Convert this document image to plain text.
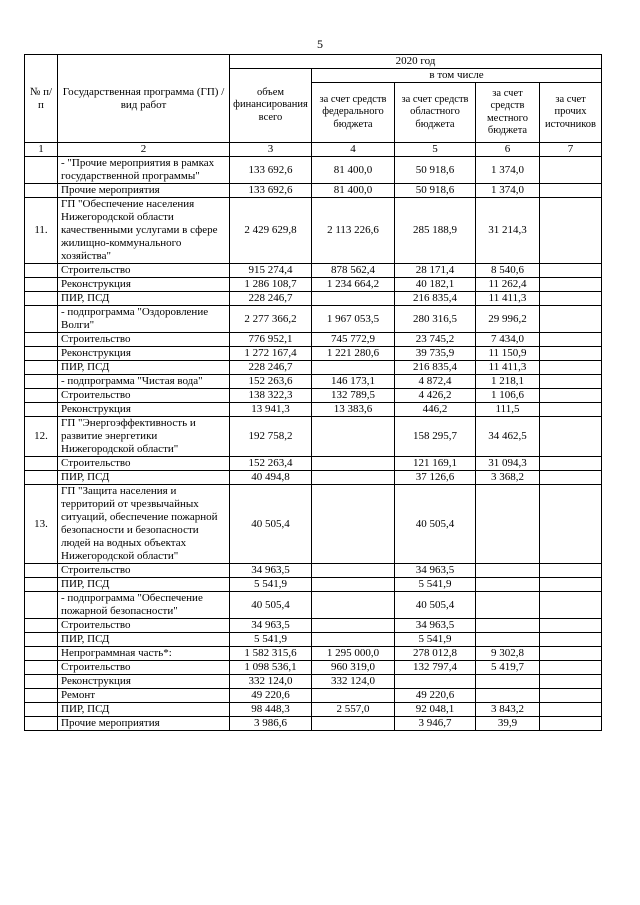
5
№ п/п	Государственная программа (ГП) / вид работ	2020 год				
		объем финансирования всего	в том числе			
			за счет средств федерального бюджета	за счет средств областного бюджета	за счет средств местного бюджета	за счет прочих источников
1	2	3	4	5	6	7
	- "Прочие мероприятия в рамках государственной программы"	133 692,6	81 400,0	50 918,6	1 374,0	
	Прочие мероприятия	133 692,6	81 400,0	50 918,6	1 374,0	
11.	ГП "Обеспечение населения Нижегородской области качественными услугами в сфере жилищно-коммунального хозяйства"	2 429 629,8	2 113 226,6	285 188,9	31 214,3	
	Строительство	915 274,4	878 562,4	28 171,4	8 540,6	
	Реконструкция	1 286 108,7	1 234 664,2	40 182,1	11 262,4	
	ПИР, ПСД	228 246,7		216 835,4	11 411,3	
	- подпрограмма "Оздоровление Волги"	2 277 366,2	1 967 053,5	280 316,5	29 996,2	
	Строительство	776 952,1	745 772,9	23 745,2	7 434,0	
	Реконструкция	1 272 167,4	1 221 280,6	39 735,9	11 150,9	
	ПИР, ПСД	228 246,7		216 835,4	11 411,3	
	- подпрограмма "Чистая вода"	152 263,6	146 173,1	4 872,4	1 218,1	
	Строительство	138 322,3	132 789,5	4 426,2	1 106,6	
	Реконструкция	13 941,3	13 383,6	446,2	111,5	
12.	ГП "Энергоэффективность и развитие энергетики Нижегородской области"	192 758,2		158 295,7	34 462,5	
	Строительство	152 263,4		121 169,1	31 094,3	
	ПИР, ПСД	40 494,8		37 126,6	3 368,2	
13.	ГП "Защита населения и территорий от чрезвычайных ситуаций, обеспечение пожарной безопасности и безопасности людей на водных объектах Нижегородской области"	40 505,4		40 505,4		
	Строительство	34 963,5		34 963,5		
	ПИР, ПСД	5 541,9		5 541,9		
	- подпрограмма "Обеспечение пожарной безопасности"	40 505,4		40 505,4		
	Строительство	34 963,5		34 963,5		
	ПИР, ПСД	5 541,9		5 541,9		
	Непрограммная часть*:	1 582 315,6	1 295 000,0	278 012,8	9 302,8	
	Строительство	1 098 536,1	960 319,0	132 797,4	5 419,7	
	Реконструкция	332 124,0	332 124,0			
	Ремонт	49 220,6		49 220,6		
	ПИР, ПСД	98 448,3	2 557,0	92 048,1	3 843,2	
	Прочие мероприятия	3 986,6		3 946,7	39,9	
